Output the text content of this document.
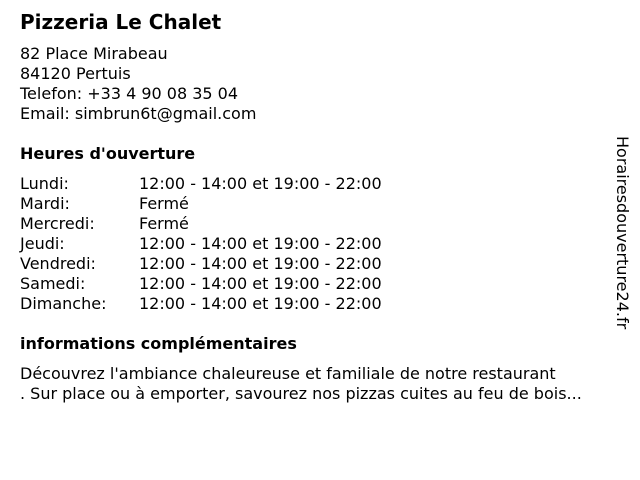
Pizzeria Le Chalet
82 Place Mirabeau
84120 Pertuis
Telefon: +33 4 90 08 35 04
Email: simbrun6t@gmail.com
Heures d'ouverture
Lundi:	12:00 - 14:00 et 19:00 - 22:00
Mardi:	Fermé
Mercredi:	Fermé
Jeudi:	12:00 - 14:00 et 19:00 - 22:00
Vendredi:	12:00 - 14:00 et 19:00 - 22:00
Samedi:	12:00 - 14:00 et 19:00 - 22:00
Dimanche: 12:00 - 14:00 et 19:00 - 22:00
informations complémentaires
Découvrez l'ambiance chaleureuse et familiale de notre restaurant
. Sur place ou à emporter, savourez nos pizzas cuites au feu de bois...
Horairesdouverture24.fr
